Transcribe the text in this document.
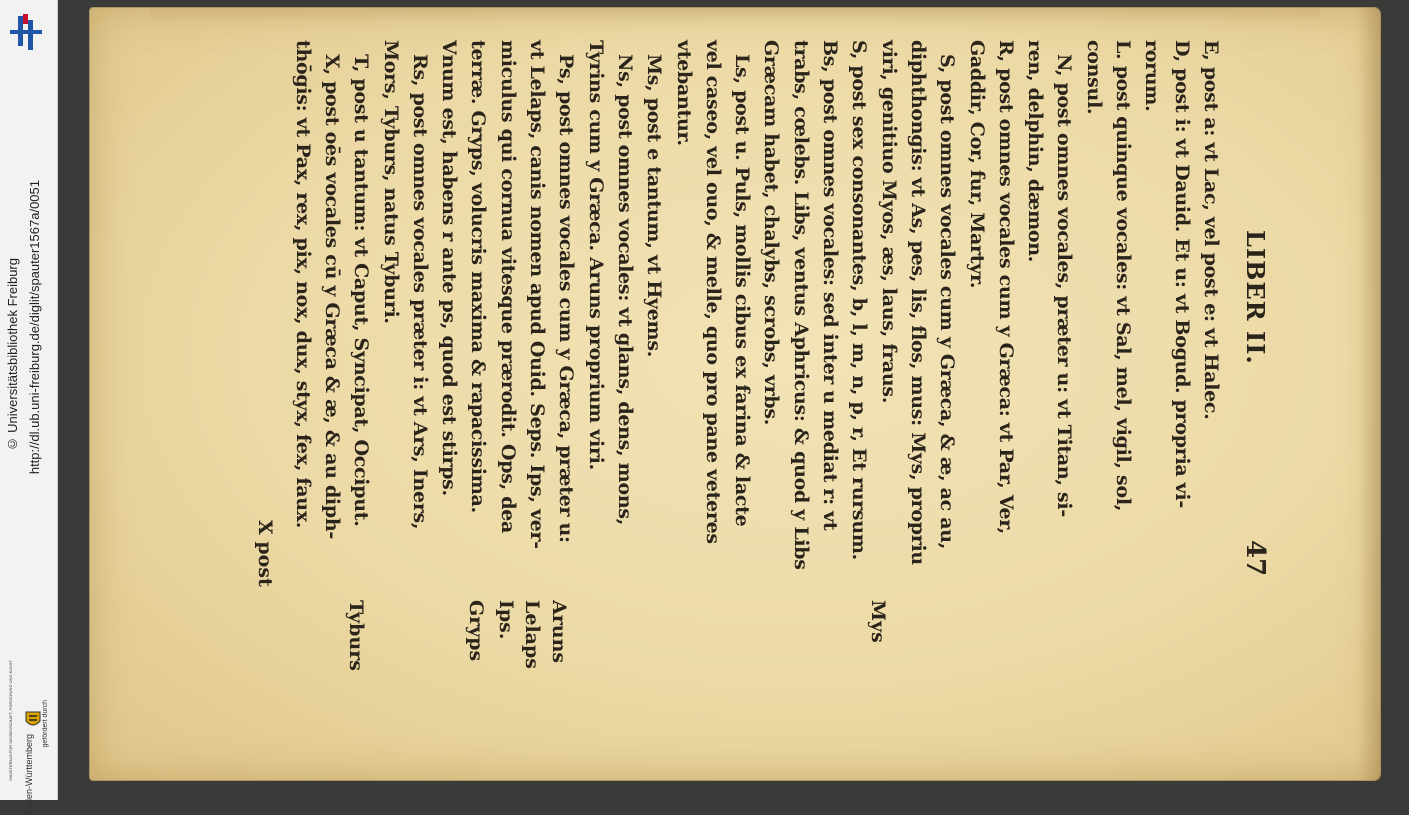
http://dl.ub.uni-freiburg.de/diglit/spauter1567a/0051
© Universitätsbibliothek Freiburg
gefördert durch
Baden-Württemberg
MINISTERIUM FÜR WISSENSCHAFT, FORSCHUNG UND KUNST
LIBER II.
47
E, post a: vt Lac, vel post e: vt Halec.
D, post i: vt Dauid. Et u: vt Bogud. propria vi-
rorum.
L. post quinque vocales: vt Sal, mel, vigil, sol,
consul.
N, post omnes vocales, præter u: vt Titan, si-
ren, delphin, dæmon.
R, post omnes vocales cum y Græca: vt Par, Ver,
Gaddir, Cor, fur, Martyr.
S, post omnes vocales cum y Græca, & æ, ac au,
diphthongis: vt As, pes, lis, flos, mus: Mys, propriu
viri, genitiuo Myos, æs, laus, fraus.
S, post sex consonantes, b, l, m, n, p, r, Et rursum.
Bs, post omnes vocales: sed inter u mediat r: vt
trabs, cœlebs. Libs, ventus Aphricus: & quod y Libs
Græcam habet, chalybs, scrobs, vrbs.
Ls, post u. Puls, mollis cibus ex farina & lacte
vel caseo, vel ouo, & melle, quo pro pane veteres
vtebantur.
Ms, post e tantum, vt Hyems.
Ns, post omnes vocales: vt glans, dens, mons,
Tyrins cum y Græca. Aruns proprium viri.
Ps, post omnes vocales cum y Græca, præter u:
vt Lelaps, canis nomen apud Ouid. Seps. Ips, ver-
miculus qui cornua vitesque prærodit. Ops, dea
terræ. Gryps, volucris maxima & rapacissima.
Vnum est, habens r ante ps, quod est stirps.
Rs, post omnes vocales præter i: vt Ars, Iners,
Mors, Tyburs, natus Tyburi.
T, post u tantum: vt Caput, Syncipat, Occiput.
X, post oēs vocales cū y Græca & æ, & au diph-
thōgis: vt Pax, rex, pix, nox, dux, styx, fex, faux.
Mys
Aruns
Lelaps
Ips.
Gryps
Tyburs
X post
